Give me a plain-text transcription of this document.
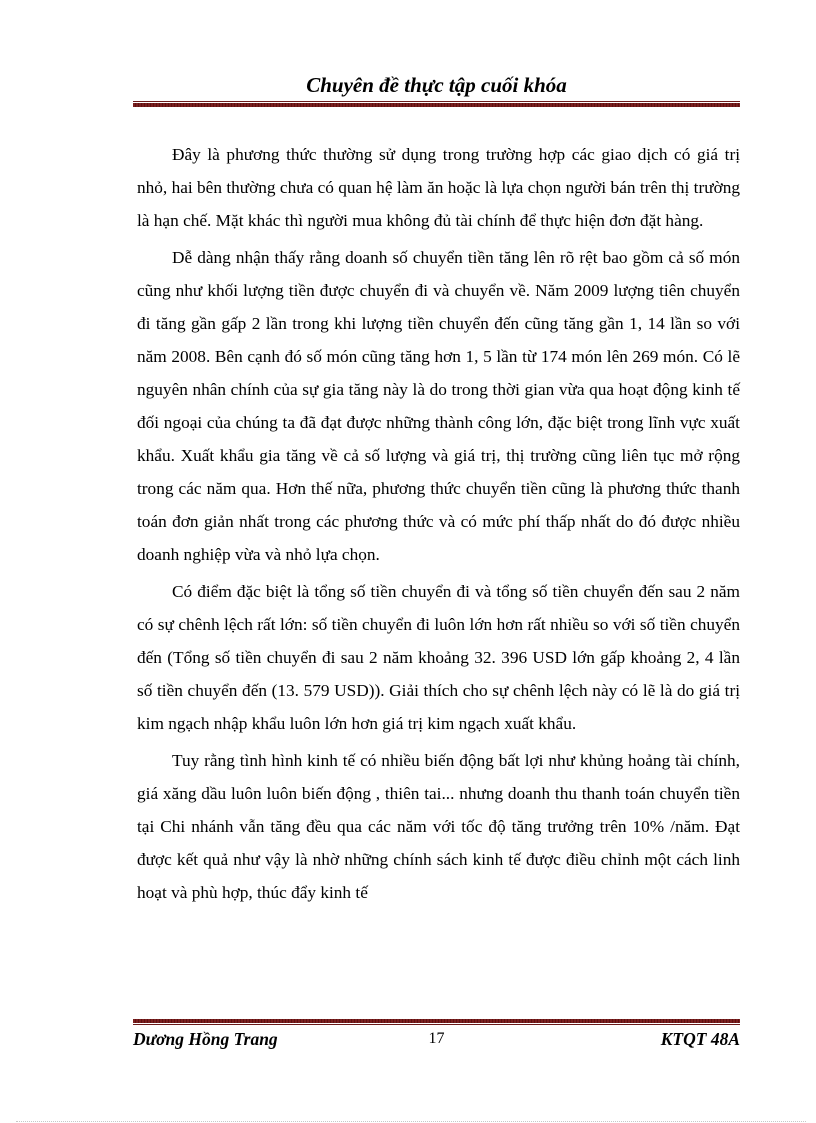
Chuyên đề thực tập cuối khóa

Đây là phương thức thường sử dụng trong trường hợp các giao dịch có giá trị nhỏ, hai bên thường chưa có quan hệ làm ăn hoặc là lựa chọn người bán trên thị trường là hạn chế. Mặt khác thì người mua không đủ tài chính để thực hiện đơn đặt hàng.

Dễ dàng nhận thấy rằng doanh số chuyển tiền tăng lên rõ rệt bao gồm cả số món cũng như khối lượng tiền được chuyển đi và chuyển về. Năm 2009 lượng tiên chuyển đi tăng gần gấp 2 lần trong khi lượng tiền chuyển đến cũng tăng gần 1, 14 lần so với năm 2008. Bên cạnh đó số món cũng tăng hơn 1, 5 lần từ 174 món lên 269 món. Có lẽ nguyên nhân chính của sự gia tăng này là do trong thời gian vừa qua hoạt động kinh tế đối ngoại của chúng ta đã đạt được những thành công lớn, đặc biệt trong lĩnh vực xuất khẩu. Xuất khẩu gia tăng về cả số lượng và giá trị, thị trường cũng liên tục mở rộng trong các năm qua. Hơn thế nữa, phương thức chuyển tiền cũng là phương thức thanh toán đơn giản nhất trong các phương thức và có mức phí thấp nhất do đó được nhiều doanh nghiệp vừa và nhỏ lựa chọn.

Có điểm đặc biệt là tổng số tiền chuyển đi và tổng số tiền chuyển đến sau 2 năm có sự chênh lệch rất lớn: số tiền chuyển đi luôn lớn hơn rất nhiều so với số tiền chuyển đến (Tổng số tiền chuyển đi sau 2 năm khoảng 32. 396 USD lớn gấp khoảng 2, 4 lần số tiền chuyển đến (13. 579 USD)). Giải thích cho sự chênh lệch này có lẽ là do giá trị kim ngạch nhập khẩu luôn lớn hơn giá trị kim ngạch xuất khẩu.

Tuy rằng tình hình kinh tế có nhiều biến động bất lợi như khủng hoảng tài chính, giá xăng dầu luôn luôn biến động , thiên tai... nhưng doanh thu thanh toán chuyển tiền tại Chi nhánh vẫn tăng đều qua các năm với tốc độ tăng trưởng trên 10% /năm. Đạt được kết quả như vậy là nhờ những chính sách kinh tế được điều chỉnh một cách linh hoạt và phù hợp, thúc đẩy kinh tế

Dương Hồng Trang	17	KTQT 48A
